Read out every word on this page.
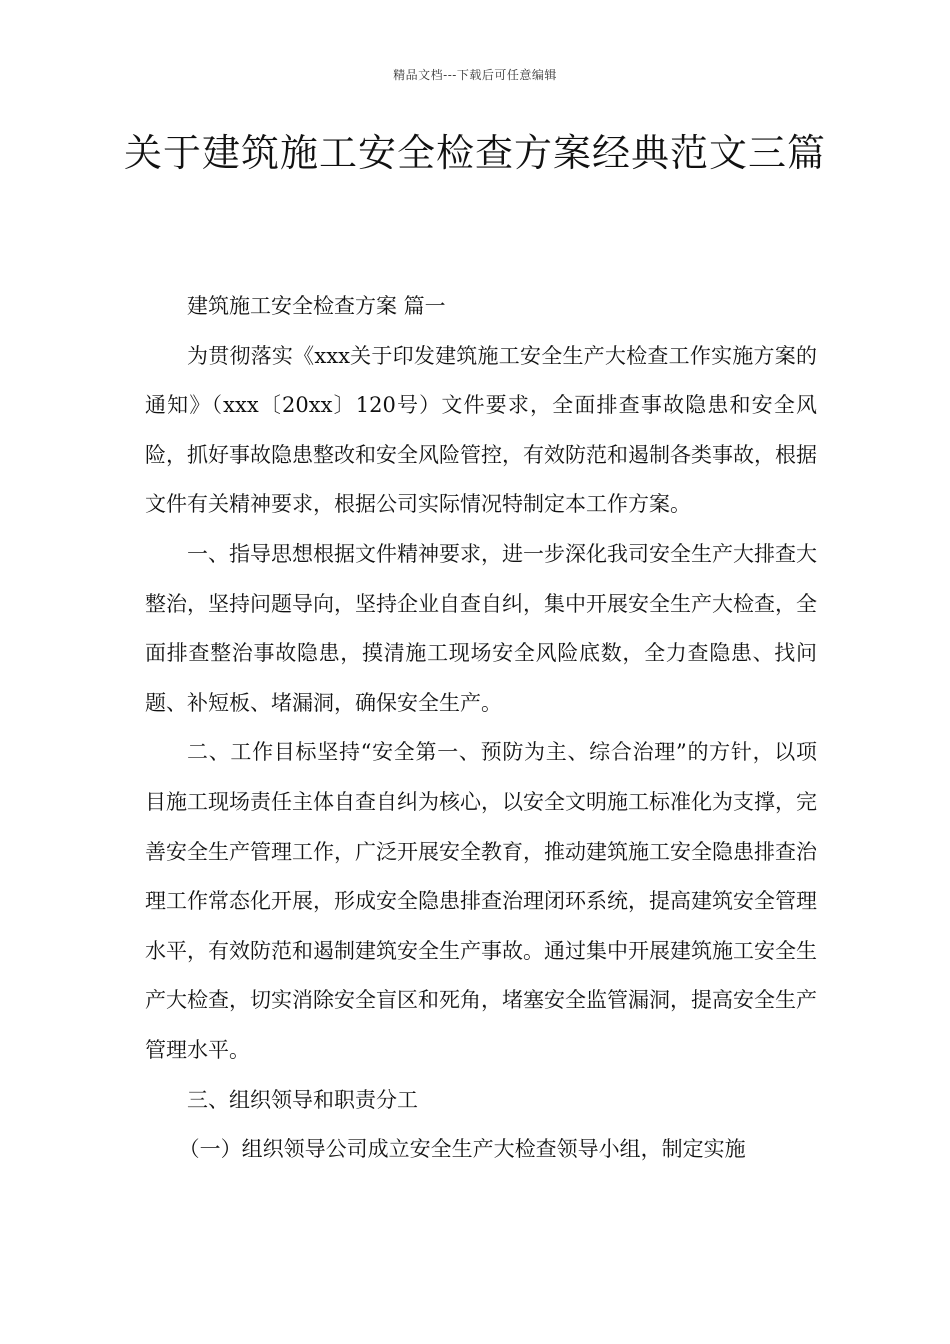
精品文档---下载后可任意编辑
关于建筑施工安全检查方案经典范文三篇

建筑施工安全检查方案 篇一

为贯彻落实《xxx关于印发建筑施工安全生产大检查工作实施方案的通知》（xxx〔20xx〕120号）文件要求，全面排查事故隐患和安全风险，抓好事故隐患整改和安全风险管控，有效防范和遏制各类事故，根据文件有关精神要求，根据公司实际情况特制定本工作方案。

一、指导思想根据文件精神要求，进一步深化我司安全生产大排查大整治，坚持问题导向，坚持企业自查自纠，集中开展安全生产大检查，全面排查整治事故隐患，摸清施工现场安全风险底数，全力查隐患、找问题、补短板、堵漏洞，确保安全生产。

二、工作目标坚持“安全第一、预防为主、综合治理”的方针，以项目施工现场责任主体自查自纠为核心，以安全文明施工标准化为支撑，完善安全生产管理工作，广泛开展安全教育，推动建筑施工安全隐患排查治理工作常态化开展，形成安全隐患排查治理闭环系统，提高建筑安全管理水平，有效防范和遏制建筑安全生产事故。通过集中开展建筑施工安全生产大检查，切实消除安全盲区和死角，堵塞安全监管漏洞，提高安全生产管理水平。

三、组织领导和职责分工

（一）组织领导公司成立安全生产大检查领导小组，制定实施
